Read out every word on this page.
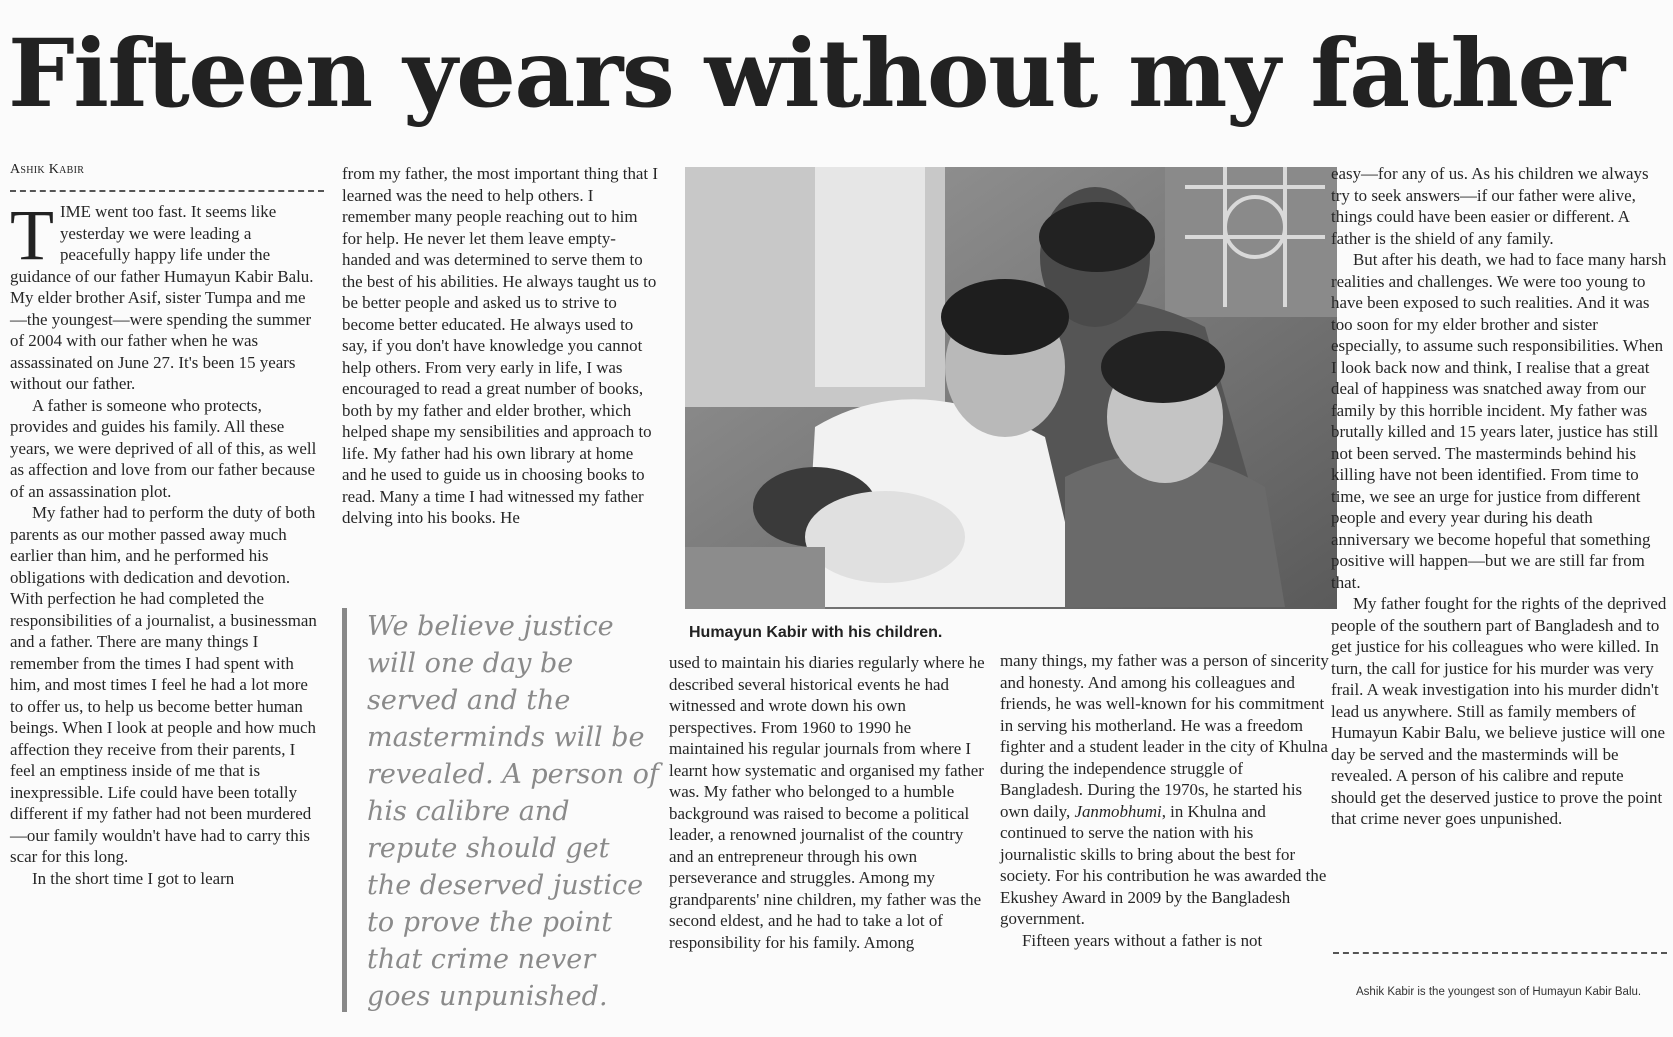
Fifteen years without my father
Ashik Kabir

TIME went too fast. It seems like yesterday we were leading a peacefully happy life under the guidance of our father Humayun Kabir Balu. My elder brother Asif, sister Tumpa and me—the youngest—were spending the summer of 2004 with our father when he was assassinated on June 27. It's been 15 years without our father.

A father is someone who protects, provides and guides his family. All these years, we were deprived of all of this, as well as affection and love from our father because of an assassination plot.

My father had to perform the duty of both parents as our mother passed away much earlier than him, and he performed his obligations with dedication and devotion. With perfection he had completed the responsibilities of a journalist, a businessman and a father. There are many things I remember from the times I had spent with him, and most times I feel he had a lot more to offer us, to help us become better human beings. When I look at people and how much affection they receive from their parents, I feel an emptiness inside of me that is inexpressible. Life could have been totally different if my father had not been murdered—our family wouldn't have had to carry this scar for this long.

In the short time I got to learn

from my father, the most important thing that I learned was the need to help others. I remember many people reaching out to him for help. He never let them leave empty-handed and was determined to serve them to the best of his abilities. He always taught us to be better people and asked us to strive to become better educated. He always used to say, if you don't have knowledge you cannot help others. From very early in life, I was encouraged to read a great number of books, both by my father and elder brother, which helped shape my sensibilities and approach to life. My father had his own library at home and he used to guide us in choosing books to read. Many a time I had witnessed my father delving into his books. He

We believe justice will one day be served and the masterminds will be revealed. A person of his calibre and repute should get the deserved justice to prove the point that crime never goes unpunished.
Humayun Kabir with his children.

used to maintain his diaries regularly where he described several historical events he had witnessed and wrote down his own perspectives. From 1960 to 1990 he maintained his regular journals from where I learnt how systematic and organised my father was. My father who belonged to a humble background was raised to become a political leader, a renowned journalist of the country and an entrepreneur through his own perseverance and struggles. Among my grandparents' nine children, my father was the second eldest, and he had to take a lot of responsibility for his family. Among

many things, my father was a person of sincerity and honesty. And among his colleagues and friends, he was well-known for his commitment in serving his motherland. He was a freedom fighter and a student leader in the city of Khulna during the independence struggle of Bangladesh. During the 1970s, he started his own daily, Janmobhumi, in Khulna and continued to serve the nation with his journalistic skills to bring about the best for society. For his contribution he was awarded the Ekushey Award in 2009 by the Bangladesh government.

Fifteen years without a father is not

easy—for any of us. As his children we always try to seek answers—if our father were alive, things could have been easier or different. A father is the shield of any family.

But after his death, we had to face many harsh realities and challenges. We were too young to have been exposed to such realities. And it was too soon for my elder brother and sister especially, to assume such responsibilities. When I look back now and think, I realise that a great deal of happiness was snatched away from our family by this horrible incident. My father was brutally killed and 15 years later, justice has still not been served. The masterminds behind his killing have not been identified. From time to time, we see an urge for justice from different people and every year during his death anniversary we become hopeful that something positive will happen—but we are still far from that.

My father fought for the rights of the deprived people of the southern part of Bangladesh and to get justice for his colleagues who were killed. In turn, the call for justice for his murder was very frail. A weak investigation into his murder didn't lead us anywhere. Still as family members of Humayun Kabir Balu, we believe justice will one day be served and the masterminds will be revealed. A person of his calibre and repute should get the deserved justice to prove the point that crime never goes unpunished.

Ashik Kabir is the youngest son of Humayun Kabir Balu.
